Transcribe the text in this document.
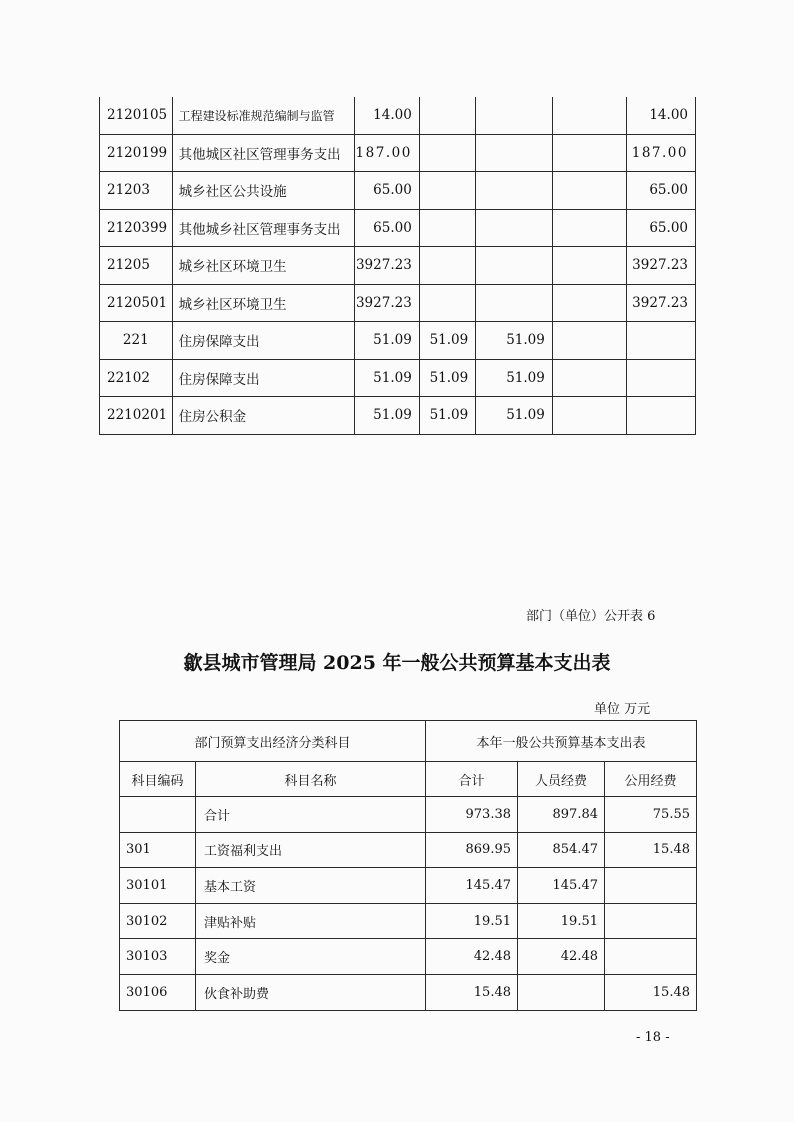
2120105	工程建设标准规范编制与监管	14.00				14.00
2120199	其他城区社区管理事务支出	187.00				187.00
21203	城乡社区公共设施	65.00				65.00
2120399	其他城乡社区管理事务支出	65.00				65.00
21205	城乡社区环境卫生	3927.23				3927.23
2120501	城乡社区环境卫生	3927.23				3927.23
221	住房保障支出	51.09	51.09	51.09		
22102	住房保障支出	51.09	51.09	51.09		
2210201	住房公积金	51.09	51.09	51.09		
部门（单位）公开表 6
歙县城市管理局 2025 年一般公共预算基本支出表
单位 万元
部门预算支出经济分类科目		本年一般公共预算基本支出表		
科目编码	科目名称	合计	人员经费	公用经费
	合计	973.38	897.84	75.55
301	工资福利支出	869.95	854.47	15.48
30101	基本工资	145.47	145.47	
30102	津贴补贴	19.51	19.51	
30103	奖金	42.48	42.48	
30106	伙食补助费	15.48		15.48
- 18 -
